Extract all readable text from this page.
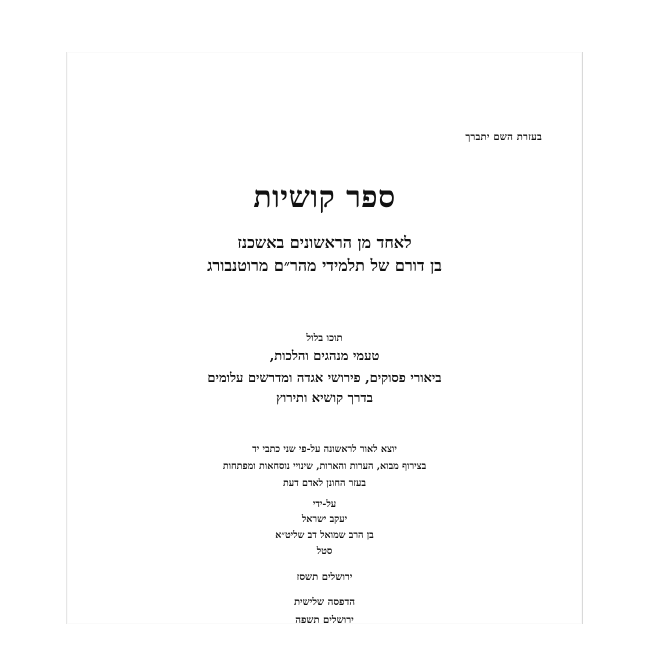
בעזרת השם יתברך
ספר קושיות
לאחד מן הראשונים באשכנז
בן דורם של תלמידי מהר״ם מרוטנבורג
תוכו בלול
טעמי מנהגים והלכות,
ביאורי פסוקים, פירושי אגדה ומדרשים עלומים
בדרך קושיא ותירוץ
יוצא לאור לראשונה על-פי שני כתבי יד
בצירוף מבוא, הערות והארות, שינויי נוסחאות ומפתחות
בעזר החונן לאדם דעת
על-ידי
יעקב ישראל
בן הרב שמואל דב שליט״א
סטל
ירושלים תשסז
הדפסה שלישית
ירושלים תשפה
